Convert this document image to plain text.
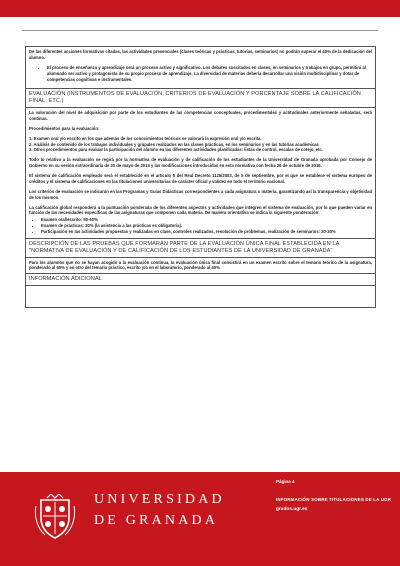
De las diferentes acciones formativas citadas, las actividades presenciales (clases teóricas y prácticas, tutorías, seminarios) no podrán superar el 40% de la dedicación del alumno.

• El proceso de enseñanza y aprendizaje será un proceso activo y significativo. Los debates suscitados en clases, en seminarios y trabajos en grupo, permitirá al alumnado ser activo y protagonista de su propio proceso de aprendizaje. La diversidad de materias debería desarrollar una visión multidisciplinar y dotar de competencias cognitivas e instrumentales.
EVALUACIÓN (INSTRUMENTOS DE EVALUACIÓN, CRITERIOS DE EVALUACIÓN Y PORCENTAJE SOBRE LA CALIFICACIÓN FINAL, ETC.)

La valoración del nivel de adquisición por parte de los estudiantes de las competencias conceptuales, procedimentales y actitudinales anteriormente señaladas, será continua.

Procedimientos para la evaluación:

1. Examen oral y/o escrito en los que además de los conocimientos teóricos se valorará la expresión oral y/o escrita.

2. Análisis de contenido de los trabajos individuales y grupales realizados en las clases prácticas, en los seminarios y en las tutorías académicas

3. Otros procedimientos para evaluar la participación del alumno en las diferentes actividades planificadas: listas de control, escalas de cotejo, etc.

Todo lo relativo a la evaluación se regirá por la normativa de evaluación y de calificación de los estudiantes de la Universidad de Granada aprobada por Consejo de Gobierno en su sesión extraordinaria de 20 de mayo de 2013 y las modificaciones introducidas en esta normativa con fecha 26 de octubre de 2016.

El sistema de calificación empleado será el establecido en el artículo 5 del Real Decreto 1125/2003, de 5 de septiembre, por el que se establece el sistema europeo de créditos y el sistema de calificaciones en las titulaciones universitarias de carácter oficial y validez en todo el territorio nacional.

Los criterios de evaluación se indicarán en las Programas y Guías Didácticas correspondientes a cada asignatura o materia, garantizando así la transparencia y objetividad de los mismos.

La calificación global responderá a la puntuación ponderada de los diferentes aspectos y actividades que integren el sistema de evaluación, por lo que pueden variar en función de las necesidades específicas de las asignaturas que componen cada materia. De manera orientativa se indica la siguiente ponderación:

• Examen oral/escrito: 50-60%
• Examen de prácticas: 20% (la asistencia a las prácticas es obligatoria).
• Participación en las actividades propuestas y realizadas en clase, controles realizados, resolución de problemas, realización de seminarios: 20-30%
DESCRIPCIÓN DE LAS PRUEBAS QUE FORMARÁN PARTE DE LA EVALUACIÓN ÚNICA FINAL ESTABLECIDA EN LA "NORMATIVA DE EVALUACIÓN Y DE CALIFICACIÓN DE LOS ESTUDIANTES DE LA UNIVERSIDAD DE GRANADA"

Para los alumnos que no se hayan acogido a la evaluación continua, la evaluación única final consistirá en un examen escrito sobre el temario teórico de la asignatura, ponderado al 60% y en otro del temario práctico, escrito y/o en el laboratorio, ponderado al 40%

INFORMACIÓN ADICIONAL
UNIVERSIDAD
DE GRANADA
Página 4
INFORMACIÓN SOBRE TITULACIONES DE LA UGR
grados.ugr.es
